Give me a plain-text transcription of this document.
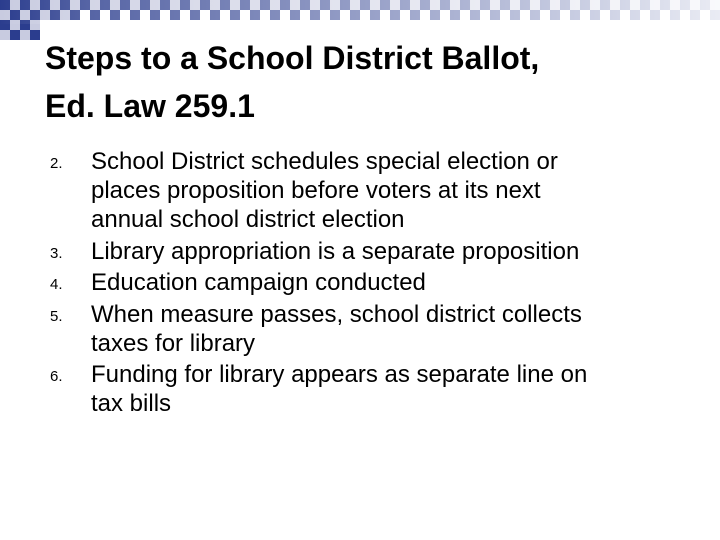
Steps to a School District Ballot,
Ed. Law 259.1
2. School District schedules special election or
places proposition before voters at its next
annual school district election
3. Library appropriation is a separate proposition
4. Education campaign conducted
5. When measure passes, school district collects
taxes for library
6. Funding for library appears as separate line on
tax bills
